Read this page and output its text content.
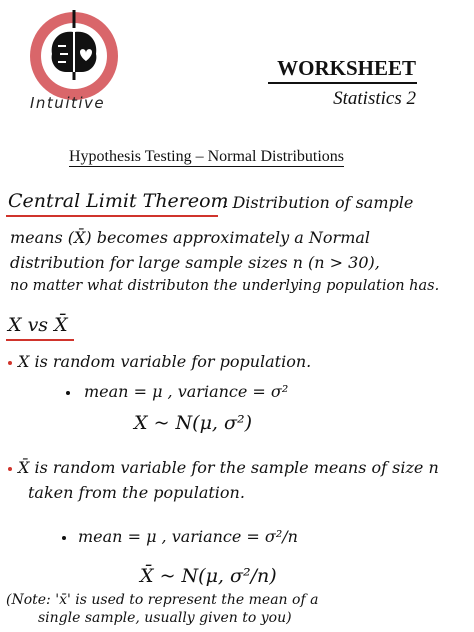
Intuitive
WORKSHEET
Statistics 2
Hypothesis Testing – Normal Distributions
Central Limit Thereom
: Distribution of sample
means (X̄) becomes approximately a Normal
distribution for large sample sizes n (n > 30),
no matter what distributon the underlying population has.
X vs X̄
X is random variable for population.
mean = μ , variance = σ²
X ~ N(μ, σ²)
X̄ is random variable for the sample means of size n
taken from the population.
mean = μ , variance = σ²/n
X̄ ~ N(μ, σ²/n)
(Note: 'x̄' is used to represent the mean of a
single sample, usually given to you)
